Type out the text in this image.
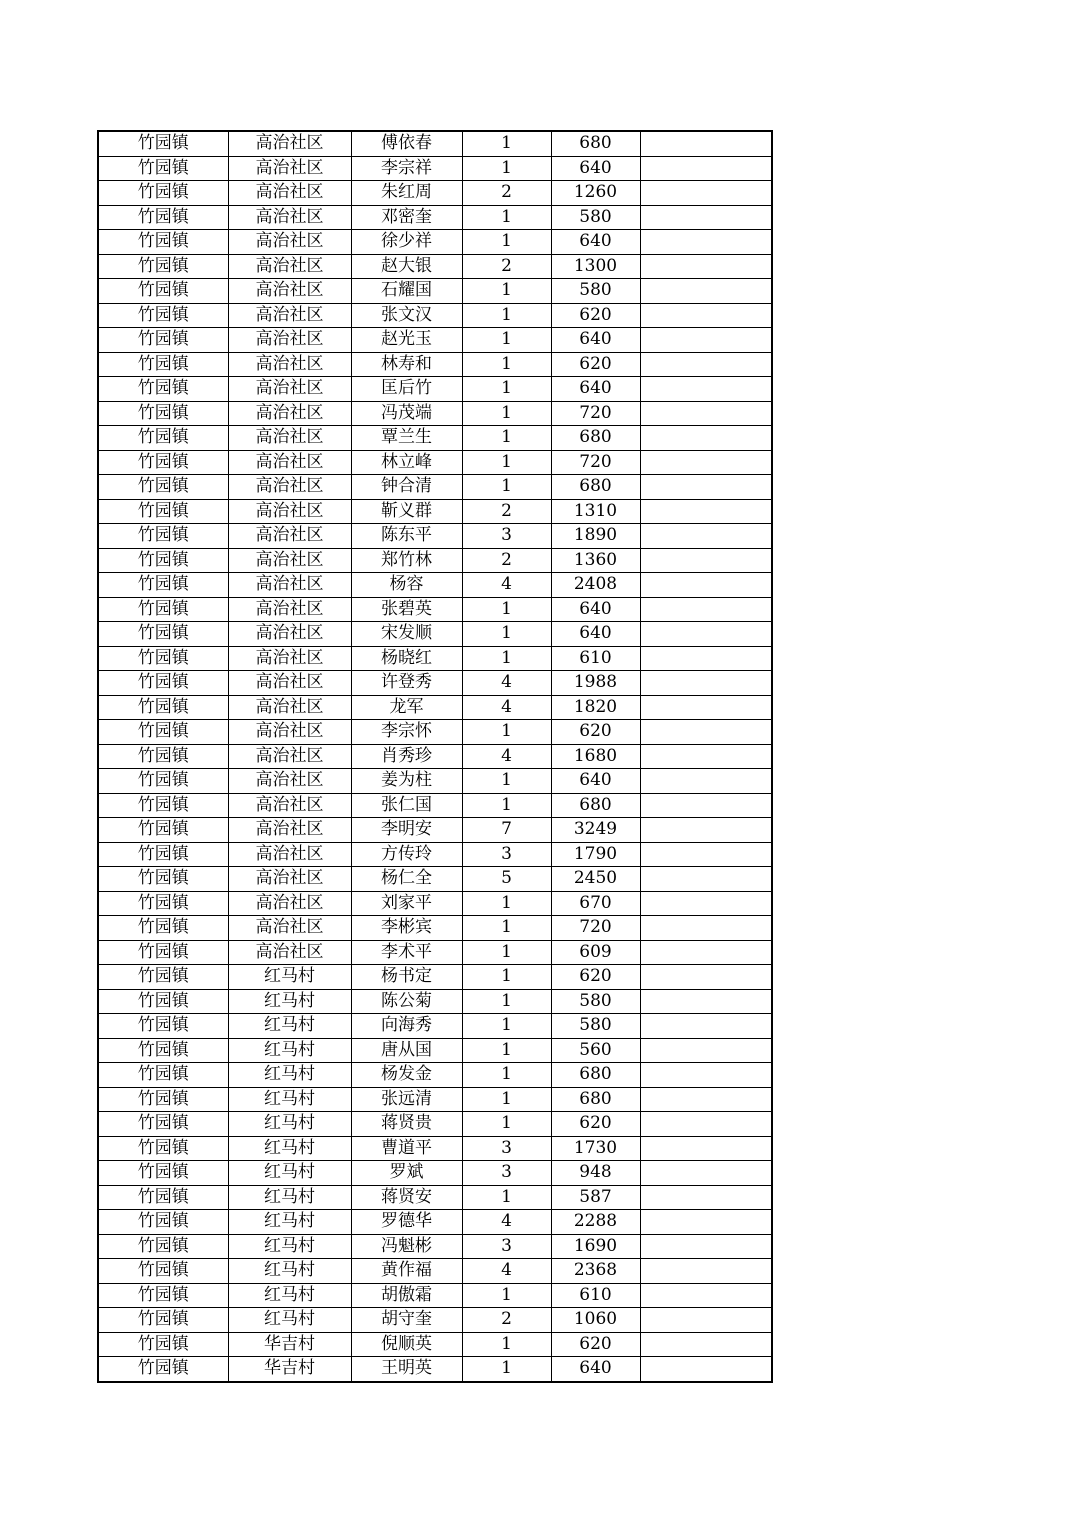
竹园镇	高治社区	傅依春	1	680	
竹园镇	高治社区	李宗祥	1	640	
竹园镇	高治社区	朱红周	2	1260	
竹园镇	高治社区	邓密奎	1	580	
竹园镇	高治社区	徐少祥	1	640	
竹园镇	高治社区	赵大银	2	1300	
竹园镇	高治社区	石耀国	1	580	
竹园镇	高治社区	张文汉	1	620	
竹园镇	高治社区	赵光玉	1	640	
竹园镇	高治社区	林寿和	1	620	
竹园镇	高治社区	匡后竹	1	640	
竹园镇	高治社区	冯茂端	1	720	
竹园镇	高治社区	覃兰生	1	680	
竹园镇	高治社区	林立峰	1	720	
竹园镇	高治社区	钟合清	1	680	
竹园镇	高治社区	靳义群	2	1310	
竹园镇	高治社区	陈东平	3	1890	
竹园镇	高治社区	郑竹林	2	1360	
竹园镇	高治社区	杨容	4	2408	
竹园镇	高治社区	张碧英	1	640	
竹园镇	高治社区	宋发顺	1	640	
竹园镇	高治社区	杨晓红	1	610	
竹园镇	高治社区	许登秀	4	1988	
竹园镇	高治社区	龙军	4	1820	
竹园镇	高治社区	李宗怀	1	620	
竹园镇	高治社区	肖秀珍	4	1680	
竹园镇	高治社区	姜为柱	1	640	
竹园镇	高治社区	张仁国	1	680	
竹园镇	高治社区	李明安	7	3249	
竹园镇	高治社区	方传玲	3	1790	
竹园镇	高治社区	杨仁全	5	2450	
竹园镇	高治社区	刘家平	1	670	
竹园镇	高治社区	李彬宾	1	720	
竹园镇	高治社区	李术平	1	609	
竹园镇	红马村	杨书定	1	620	
竹园镇	红马村	陈公菊	1	580	
竹园镇	红马村	向海秀	1	580	
竹园镇	红马村	唐从国	1	560	
竹园镇	红马村	杨发金	1	680	
竹园镇	红马村	张远清	1	680	
竹园镇	红马村	蒋贤贵	1	620	
竹园镇	红马村	曹道平	3	1730	
竹园镇	红马村	罗斌	3	948	
竹园镇	红马村	蒋贤安	1	587	
竹园镇	红马村	罗德华	4	2288	
竹园镇	红马村	冯魁彬	3	1690	
竹园镇	红马村	黄作福	4	2368	
竹园镇	红马村	胡傲霜	1	610	
竹园镇	红马村	胡守奎	2	1060	
竹园镇	华吉村	倪顺英	1	620	
竹园镇	华吉村	王明英	1	640	
